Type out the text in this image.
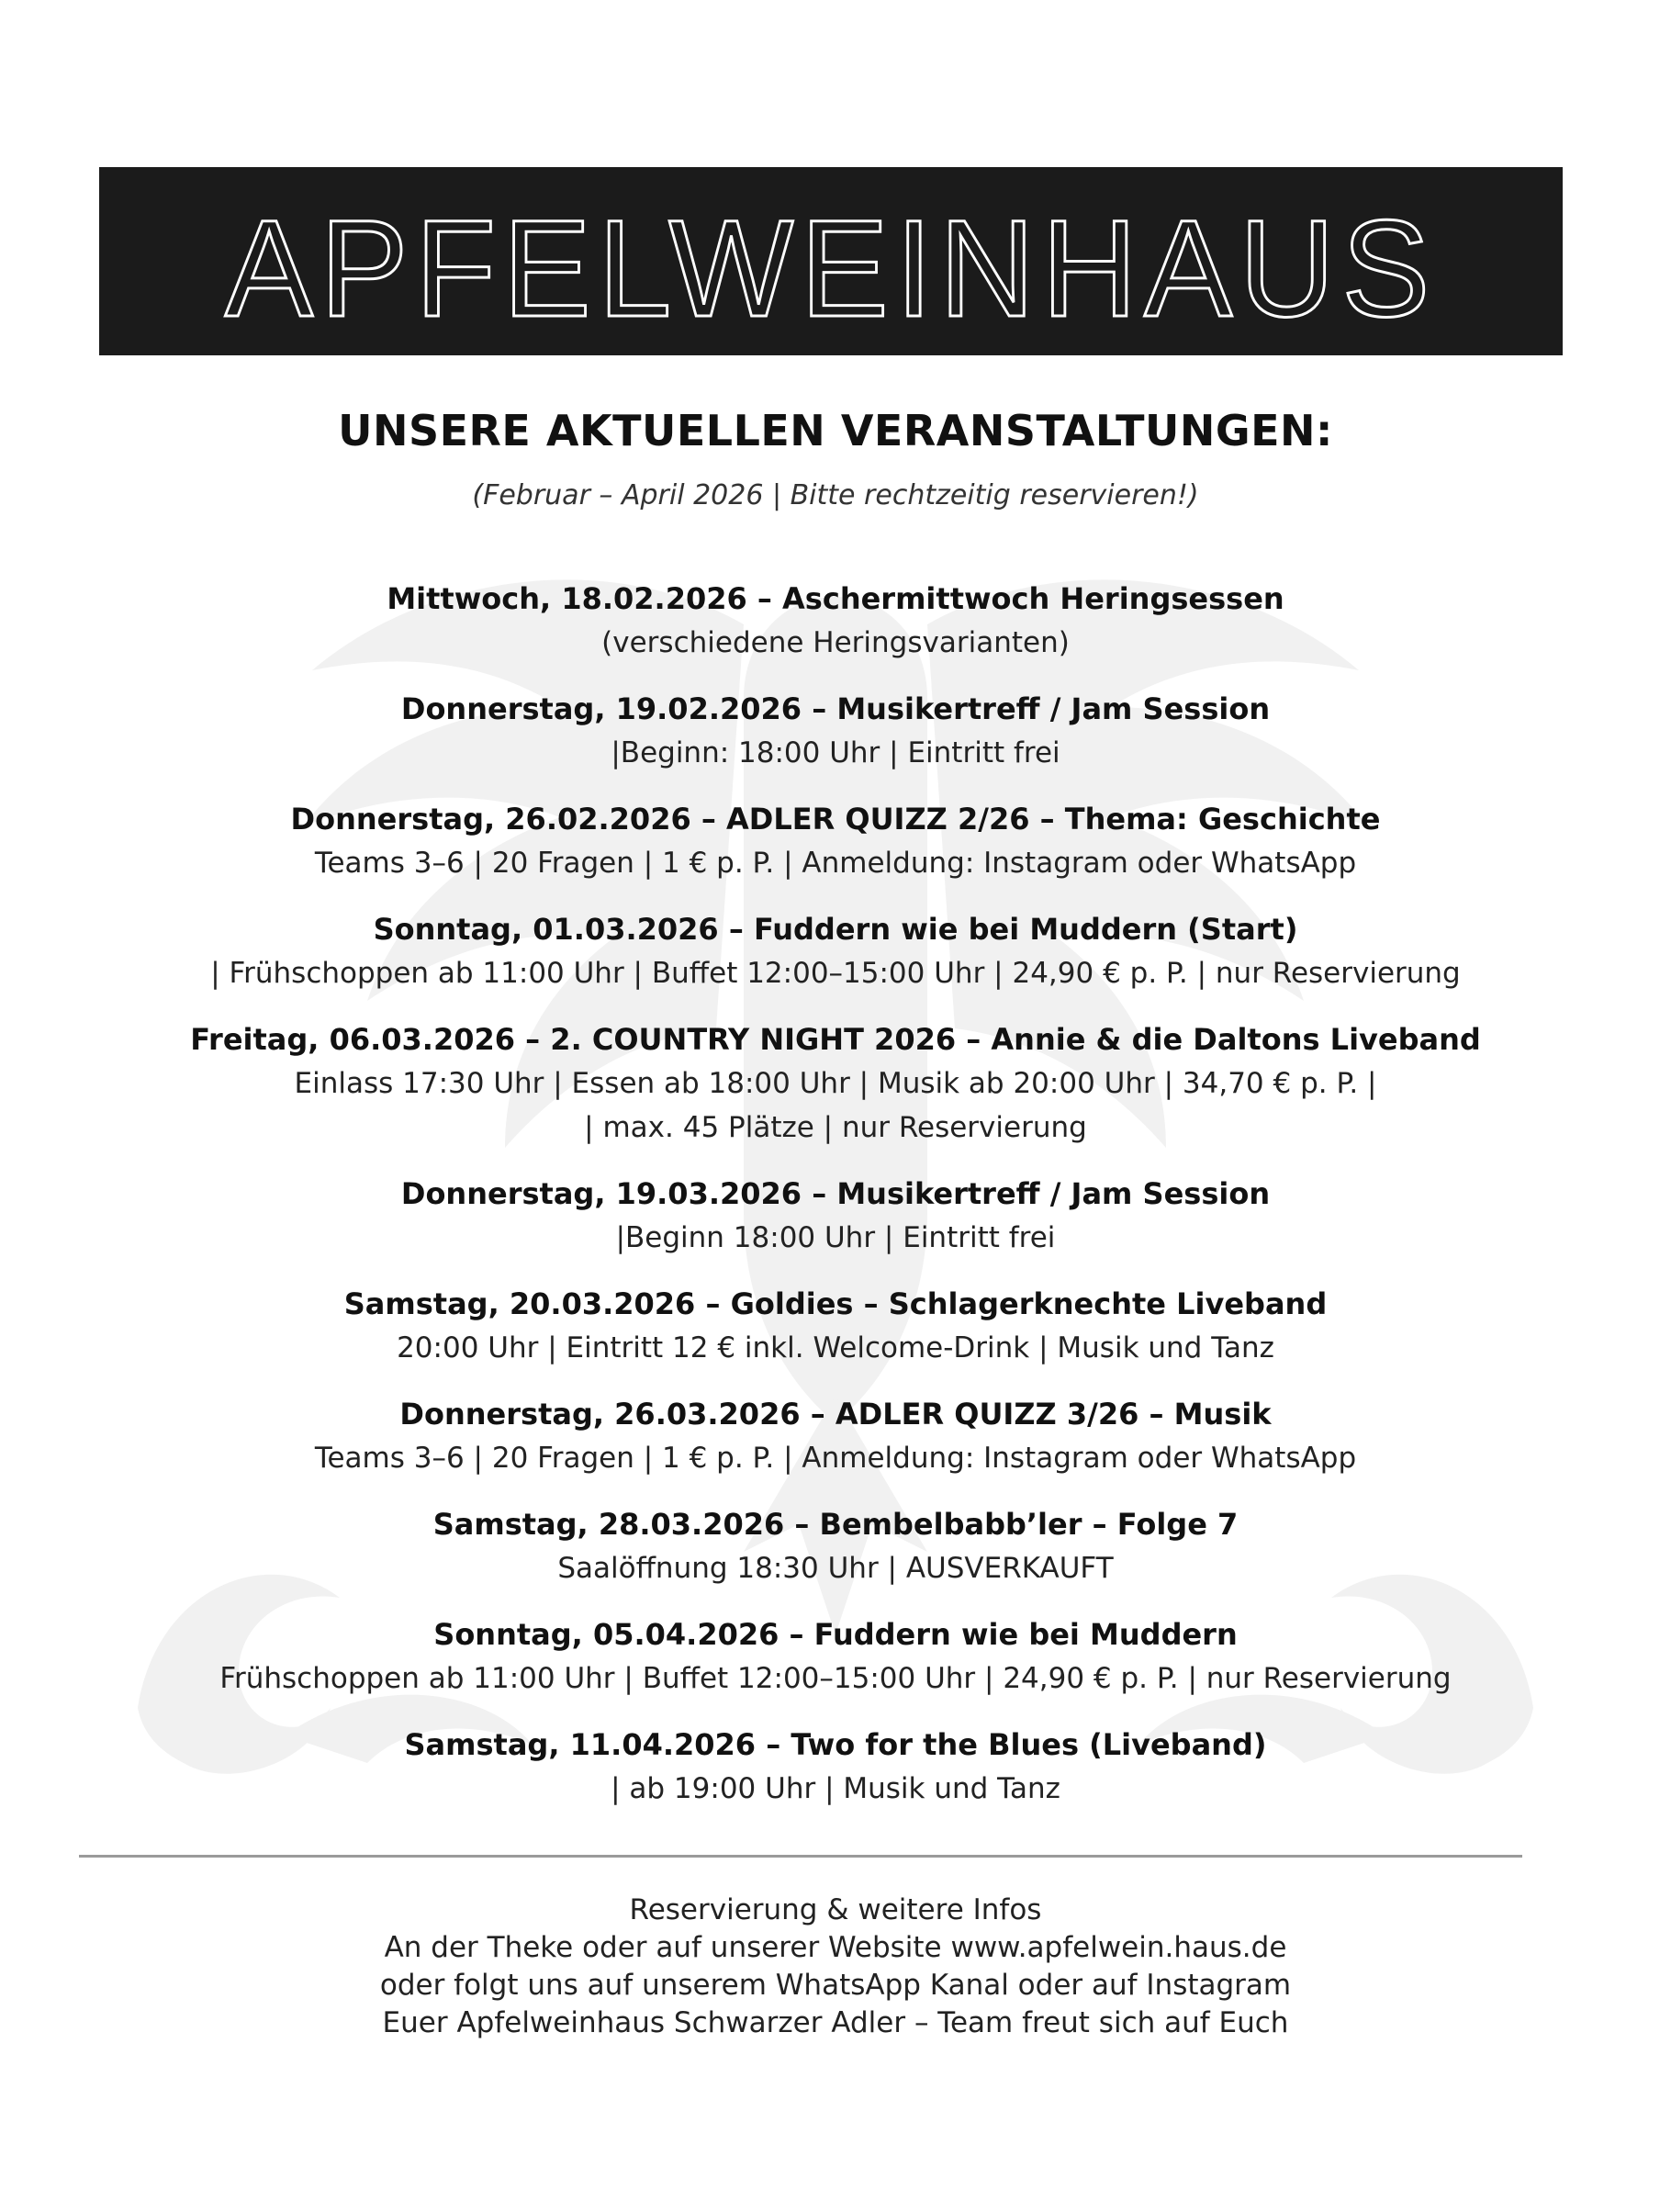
APFELWEINHAUS
UNSERE AKTUELLEN VERANSTALTUNGEN:
(Februar – April 2026 | Bitte rechtzeitig reservieren!)
Mittwoch, 18.02.2026 – Aschermittwoch Heringsessen
(verschiedene Heringsvarianten)
Donnerstag, 19.02.2026 – Musikertreff / Jam Session
|Beginn: 18:00 Uhr | Eintritt frei
Donnerstag, 26.02.2026 – ADLER QUIZZ 2/26 – Thema: Geschichte
Teams 3–6 | 20 Fragen | 1 € p. P. | Anmeldung: Instagram oder WhatsApp
Sonntag, 01.03.2026 – Fuddern wie bei Muddern (Start)
| Frühschoppen ab 11:00 Uhr | Buffet 12:00–15:00 Uhr | 24,90 € p. P. | nur Reservierung
Freitag, 06.03.2026 – 2. COUNTRY NIGHT 2026 – Annie & die Daltons Liveband
Einlass 17:30 Uhr | Essen ab 18:00 Uhr | Musik ab 20:00 Uhr | 34,70 € p. P. |
| max. 45 Plätze | nur Reservierung
Donnerstag, 19.03.2026 – Musikertreff / Jam Session
|Beginn 18:00 Uhr | Eintritt frei
Samstag, 20.03.2026 – Goldies – Schlagerknechte Liveband
20:00 Uhr | Eintritt 12 € inkl. Welcome-Drink | Musik und Tanz
Donnerstag, 26.03.2026 – ADLER QUIZZ 3/26 – Musik
Teams 3–6 | 20 Fragen | 1 € p. P. | Anmeldung: Instagram oder WhatsApp
Samstag, 28.03.2026 – Bembelbabb’ler – Folge 7
Saalöffnung 18:30 Uhr | AUSVERKAUFT
Sonntag, 05.04.2026 – Fuddern wie bei Muddern
Frühschoppen ab 11:00 Uhr | Buffet 12:00–15:00 Uhr | 24,90 € p. P. | nur Reservierung
Samstag, 11.04.2026 – Two for the Blues (Liveband)
| ab 19:00 Uhr | Musik und Tanz
Reservierung & weitere Infos
An der Theke oder auf unserer Website www.apfelwein.haus.de
oder folgt uns auf unserem WhatsApp Kanal oder auf Instagram
Euer Apfelweinhaus Schwarzer Adler – Team freut sich auf Euch
